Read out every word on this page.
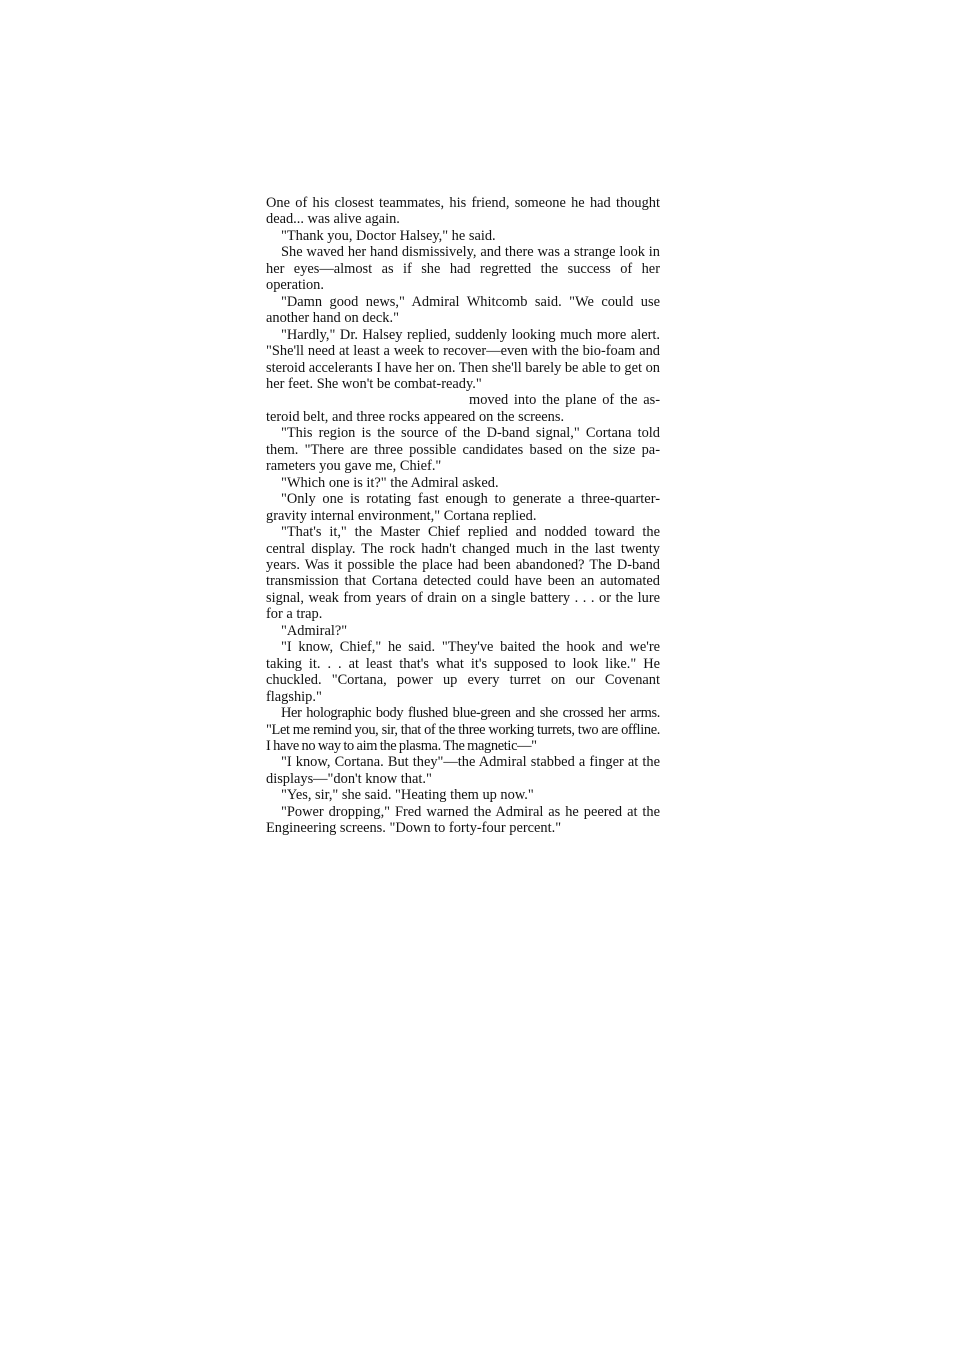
One of his closest teammates, his friend, someone he had thought dead... was alive again.

"Thank you, Doctor Halsey," he said.

She waved her hand dismissively, and there was a strange look in her eyes—almost as if she had regretted the success of her operation.

"Damn good news," Admiral Whitcomb said. "We could use another hand on deck."

"Hardly," Dr. Halsey replied, suddenly looking much more alert. "She'll need at least a week to recover—even with the bio-foam and steroid accelerants I have her on. Then she'll barely be able to get on her feet. She won't be combat-ready."

moved into the plane of the asteroid belt, and three rocks appeared on the screens.

"This region is the source of the D-band signal," Cortana told them. "There are three possible candidates based on the size parameters you gave me, Chief."

"Which one is it?" the Admiral asked.

"Only one is rotating fast enough to generate a three-quarter-gravity internal environment," Cortana replied.

"That's it," the Master Chief replied and nodded toward the central display. The rock hadn't changed much in the last twenty years. Was it possible the place had been abandoned? The D-band transmission that Cortana detected could have been an automated signal, weak from years of drain on a single battery . . . or the lure for a trap.

"Admiral?"

"I know, Chief," he said. "They've baited the hook and we're taking it. . . at least that's what it's supposed to look like." He chuckled. "Cortana, power up every turret on our Covenant flagship."

Her holographic body flushed blue-green and she crossed her arms. "Let me remind you, sir, that of the three working turrets, two are offline. I have no way to aim the plasma. The magnetic—"

"I know, Cortana. But they"—the Admiral stabbed a finger at the displays—"don't know that."

"Yes, sir," she said. "Heating them up now."

"Power dropping," Fred warned the Admiral as he peered at the Engineering screens. "Down to forty-four percent."
